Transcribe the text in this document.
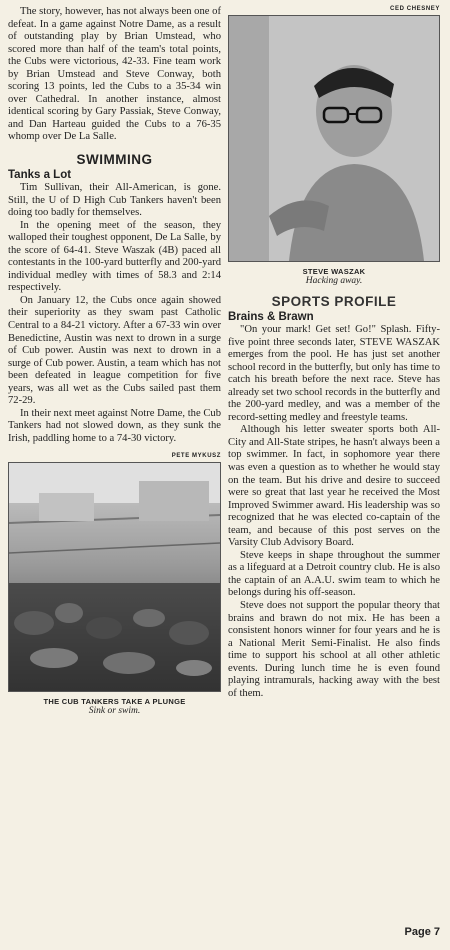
The story, however, has not always been one of defeat. In a game against Notre Dame, as a result of outstanding play by Brian Umstead, who scored more than half of the team's total points, the Cubs were victorious, 42-33. Fine team work by Brian Umstead and Steve Conway, both scoring 13 points, led the Cubs to a 35-34 win over Cathedral. In another instance, almost identical scoring by Gary Passiak, Steve Conway, and Dan Harteau guided the Cubs to a 76-35 whomp over De La Salle.

SWIMMING
Tanks a Lot

Tim Sullivan, their All-American, is gone. Still, the U of D High Cub Tankers haven't been doing too badly for themselves.

In the opening meet of the season, they walloped their toughest opponent, De La Salle, by the score of 64-41. Steve Waszak (4B) paced all contestants in the 100-yard butterfly and 200-yard individual medley with times of 58.3 and 2:14 respectively.

On January 12, the Cubs once again showed their superiority as they swam past Catholic Central to a 84-21 victory. After a 67-33 win over Benedictine, Austin was next to drown in a surge of Cub power. Austin was next to drown in a surge of Cub power. Austin, a team which has not been defeated in league competition for five years, was all wet as the Cubs sailed past them 72-29.

In their next meet against Notre Dame, the Cub Tankers had not slowed down, as they sunk the Irish, paddling home to a 74-30 victory.

PETE MYKUSZ
THE CUB TANKERS TAKE A PLUNGE
Sink or swim.
CED CHESNEY
STEVE WASZAK
Hacking away.
SPORTS PROFILE
Brains & Brawn

"On your mark! Get set! Go!" Splash. Fifty-five point three seconds later, STEVE WASZAK emerges from the pool. He has just set another school record in the butterfly, but only has time to catch his breath before the next race. Steve has already set two school records in the butterfly and the 200-yard medley, and was a member of the record-setting medley and freestyle teams.

Although his letter sweater sports both All-City and All-State stripes, he hasn't always been a top swimmer. In fact, in sophomore year there was even a question as to whether he would stay on the team. But his drive and desire to succeed were so great that last year he received the Most Improved Swimmer award. His leadership was so recognized that he was elected co-captain of the team, and because of this post serves on the Varsity Club Advisory Board.

Steve keeps in shape throughout the summer as a lifeguard at a Detroit country club. He is also the captain of an A.A.U. swim team to which he belongs during his off-season.

Steve does not support the popular theory that brains and brawn do not mix. He has been a consistent honors winner for four years and he is a National Merit Semi-Finalist. He also finds time to support his school at all other athletic events. During lunch time he is even found playing intramurals, hacking away with the best of them.

Page 7
